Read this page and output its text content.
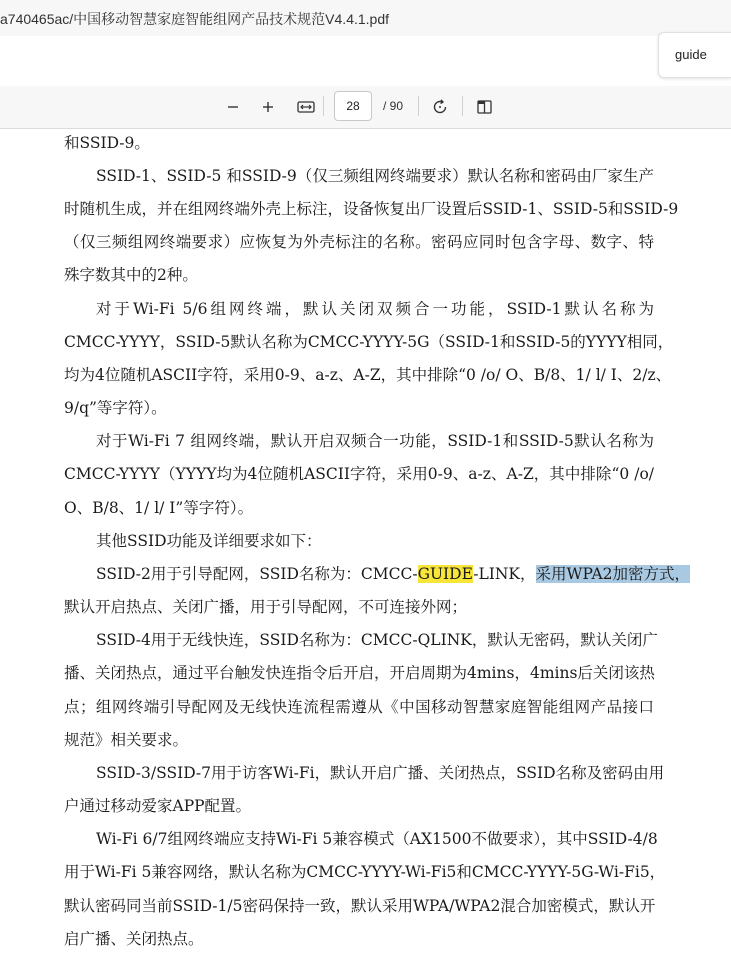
a740465ac/中国移动智慧家庭智能组网产品技术规范V4.4.1.pdf
guide
28	/ 90
和SSID-9。
SSID-1、SSID-5 和SSID-9（仅三频组网终端要求）默认名称和密码由厂家生产
时随机生成，并在组网终端外壳上标注，设备恢复出厂设置后SSID-1、SSID-5和SSID-9
（仅三频组网终端要求）应恢复为外壳标注的名称。密码应同时包含字母、数字、特
殊字数其中的2种。
对于Wi-Fi 5/6组网终端，默认关闭双频合一功能，SSID-1默认名称为
CMCC-YYYY，SSID-5默认名称为CMCC-YYYY-5G（SSID-1和SSID-5的YYYY相同，
均为4位随机ASCII字符，采用0-9、a-z、A-Z，其中排除“0 /o/ O、B/8、1/ l/ I、2/z、
9/q”等字符）。
对于Wi-Fi 7 组网终端，默认开启双频合一功能，SSID-1和SSID-5默认名称为
CMCC-YYYY（YYYY均为4位随机ASCII字符，采用0-9、a-z、A-Z，其中排除“0 /o/
O、B/8、1/ l/ I”等字符）。
其他SSID功能及详细要求如下：
SSID-2用于引导配网，SSID名称为：CMCC-GUIDE-LINK，采用WPA2加密方式，
默认开启热点、关闭广播，用于引导配网，不可连接外网；
SSID-4用于无线快连，SSID名称为：CMCC-QLINK，默认无密码，默认关闭广
播、关闭热点，通过平台触发快连指令后开启，开启周期为4mins，4mins后关闭该热
点；组网终端引导配网及无线快连流程需遵从《中国移动智慧家庭智能组网产品接口
规范》相关要求。
SSID-3/SSID-7用于访客Wi-Fi，默认开启广播、关闭热点，SSID名称及密码由用
户通过移动爱家APP配置。
Wi-Fi 6/7组网终端应支持Wi-Fi 5兼容模式（AX1500不做要求），其中SSID-4/8
用于Wi-Fi 5兼容网络，默认名称为CMCC-YYYY-Wi-Fi5和CMCC-YYYY-5G-Wi-Fi5，
默认密码同当前SSID-1/5密码保持一致，默认采用WPA/WPA2混合加密模式，默认开
启广播、关闭热点。
